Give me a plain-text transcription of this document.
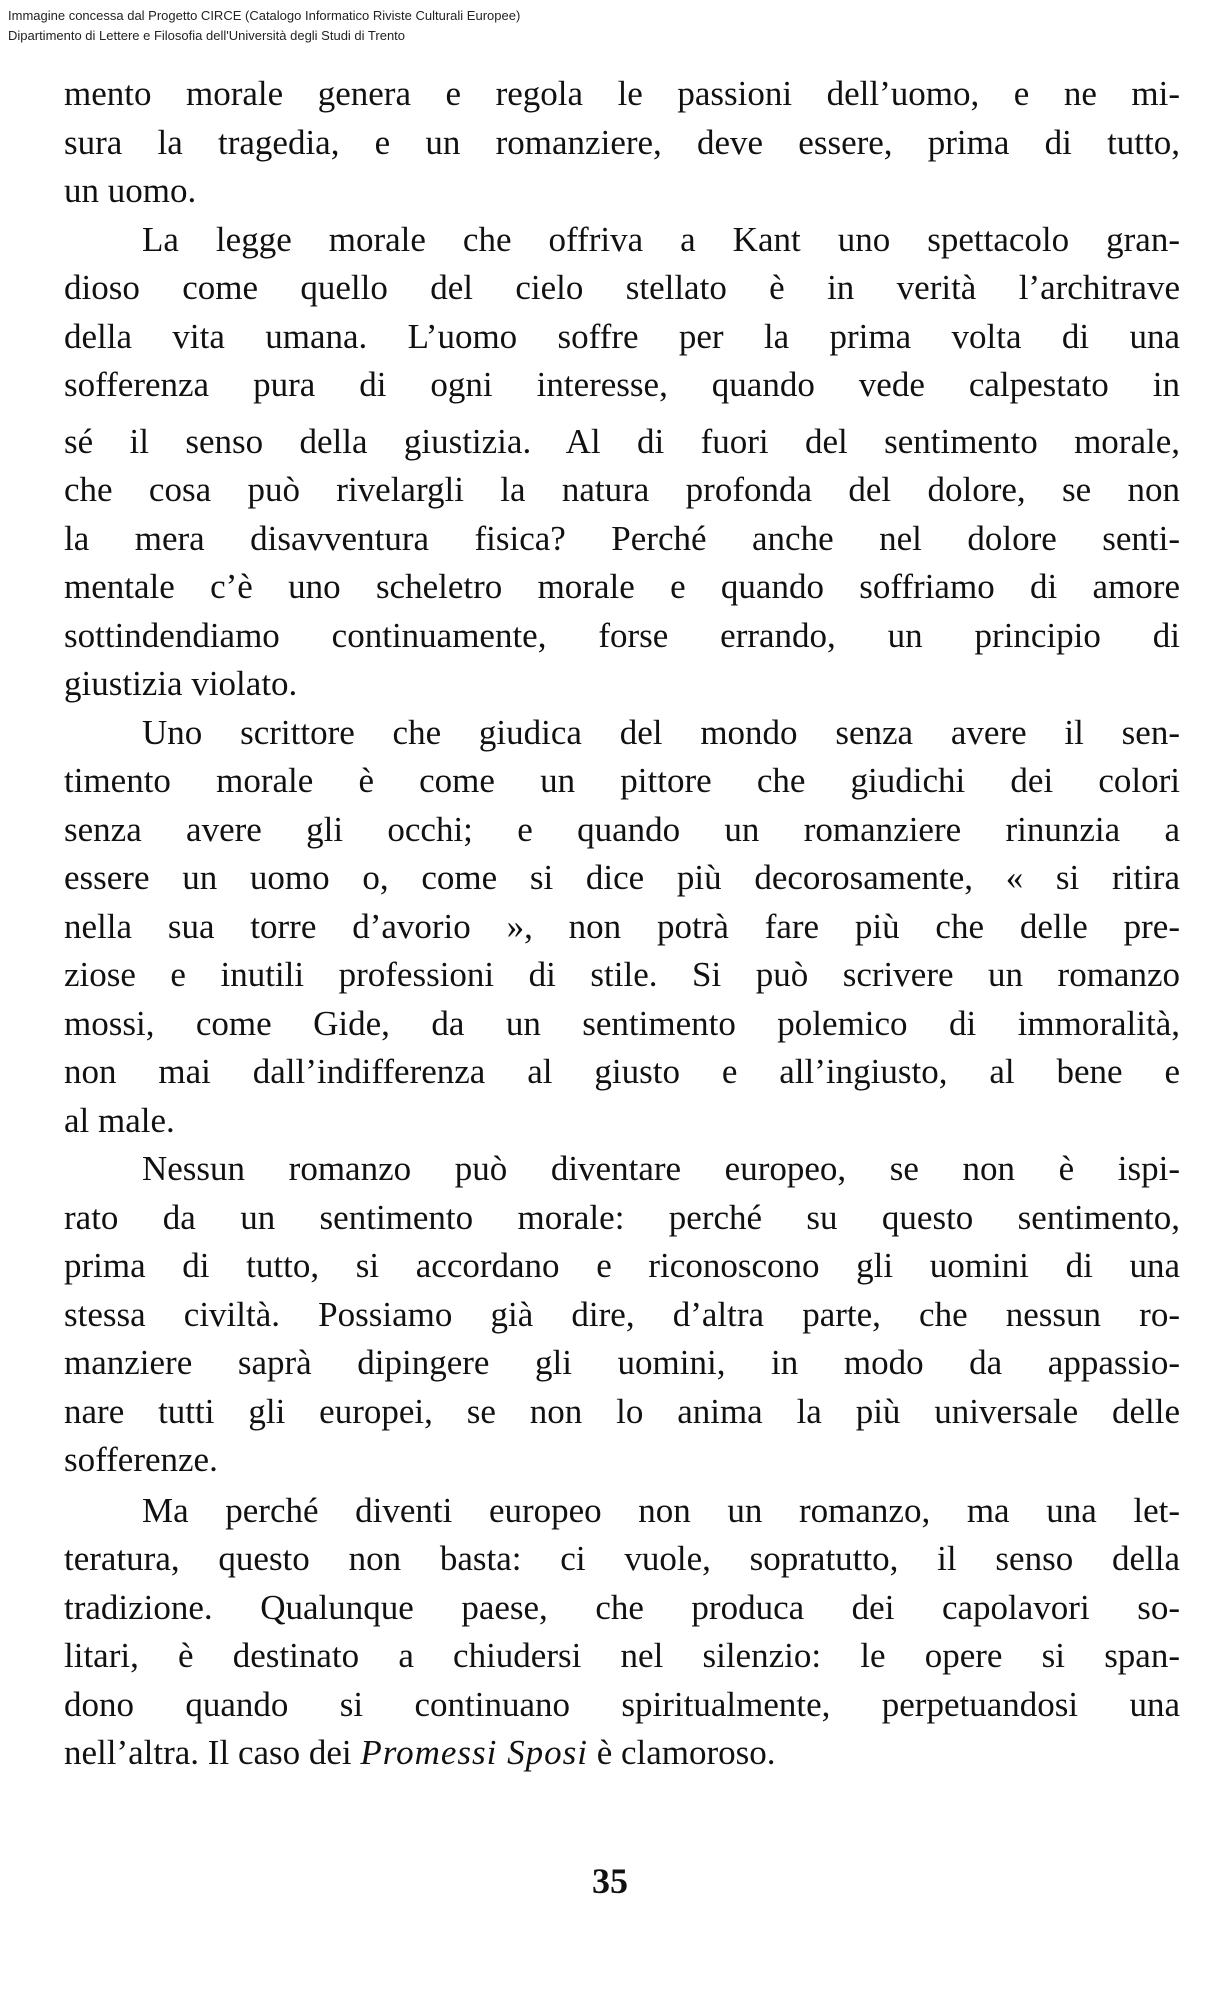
Immagine concessa dal Progetto CIRCE (Catalogo Informatico Riviste Culturali Europee)
Dipartimento di Lettere e Filosofia dell'Università degli Studi di Trento
mento morale genera e regola le passioni dell’uomo, e ne mi-
sura la tragedia, e un romanziere, deve essere, prima di tutto,
un uomo.
La legge morale che offriva a Kant uno spettacolo gran-
dioso come quello del cielo stellato è in verità l’architrave
della vita umana. L’uomo soffre per la prima volta di una
sofferenza pura di ogni interesse, quando vede calpestato in
sé il senso della giustizia. Al di fuori del sentimento morale,
che cosa può rivelargli la natura profonda del dolore, se non
la mera disavventura fisica? Perché anche nel dolore senti-
mentale c’è uno scheletro morale e quando soffriamo di amore
sottindendiamo continuamente, forse errando, un principio di
giustizia violato.
Uno scrittore che giudica del mondo senza avere il sen-
timento morale è come un pittore che giudichi dei colori
senza avere gli occhi; e quando un romanziere rinunzia a
essere un uomo o, come si dice più decorosamente, « si ritira
nella sua torre d’avorio », non potrà fare più che delle pre-
ziose e inutili professioni di stile. Si può scrivere un romanzo
mossi, come Gide, da un sentimento polemico di immoralità,
non mai dall’indifferenza al giusto e all’ingiusto, al bene e
al male.
Nessun romanzo può diventare europeo, se non è ispi-
rato da un sentimento morale: perché su questo sentimento,
prima di tutto, si accordano e riconoscono gli uomini di una
stessa civiltà. Possiamo già dire, d’altra parte, che nessun ro-
manziere saprà dipingere gli uomini, in modo da appassio-
nare tutti gli europei, se non lo anima la più universale delle
sofferenze.
Ma perché diventi europeo non un romanzo, ma una let-
teratura, questo non basta: ci vuole, sopratutto, il senso della
tradizione. Qualunque paese, che produca dei capolavori so-
litari, è destinato a chiudersi nel silenzio: le opere si span-
dono quando si continuano spiritualmente, perpetuandosi una
nell’altra. Il caso dei Promessi Sposi è clamoroso.
35
